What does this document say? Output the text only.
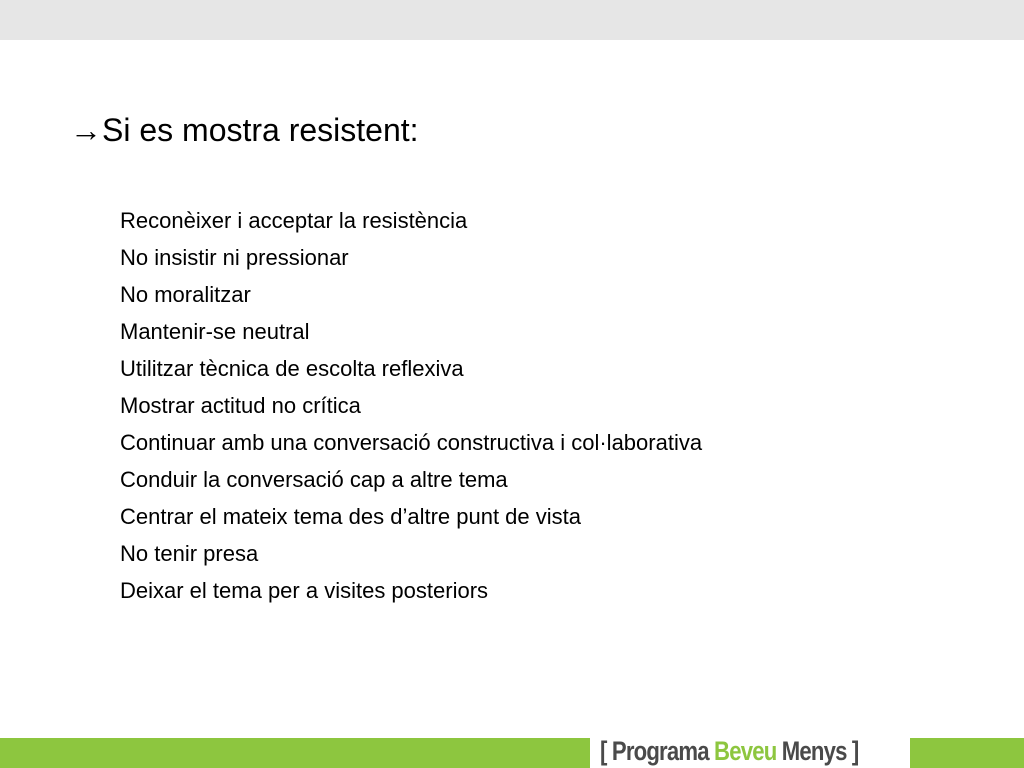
→Si es mostra resistent:
Reconèixer i acceptar la resistència
No insistir ni pressionar
No moralitzar
Mantenir-se neutral
Utilitzar tècnica de escolta reflexiva
Mostrar actitud no crítica
Continuar amb una conversació constructiva i col·laborativa
Conduir la conversació cap a altre tema
Centrar el mateix tema des d’altre punt de vista
No tenir presa
Deixar el tema per a visites posteriors
[ Programa Beveu Menys ]
